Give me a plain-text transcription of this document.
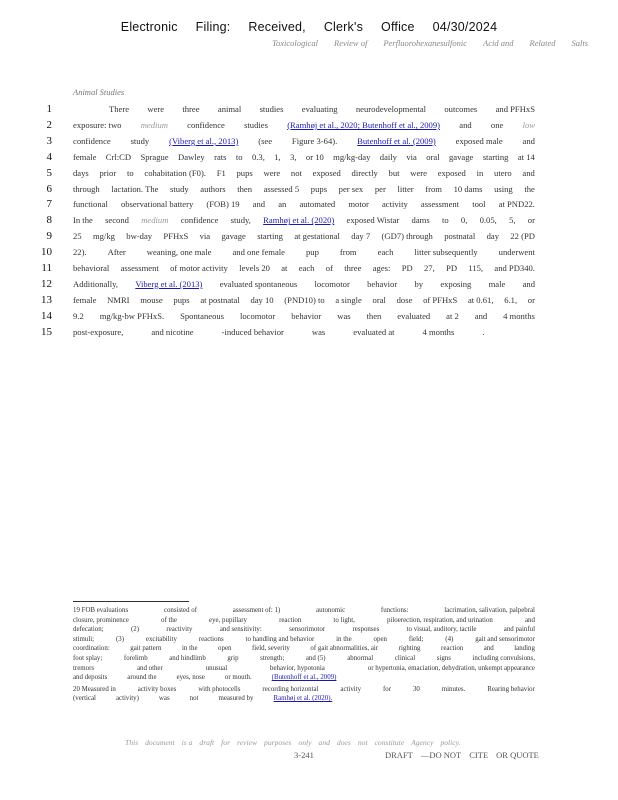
Electronic Filing: Received, Clerk's Office 04/30/2024
Toxicological Review of Perfluorohexanesulfonic Acid and Related Salts
Animal Studies
1	There were three animal studies evaluating neurodevelopmental outcomes and PFHxS
2 exposure: two medium confidence studies (Ramhøj et al., 2020; Butenhoff et al., 2009) and one low
3 confidence study (Viberg et al., 2013) (see Figure 3-64). Butenhoff et al. (2009) exposed male and
4 female Crl:CD Sprague Dawley rats to 0.3, 1, 3, or 10 mg/kg-day daily via oral gavage starting at 14
5 days prior to cohabitation (F0). F1 pups were not exposed directly but were exposed in utero and
6 through lactation. The study authors then assessed 5 pups per sex per litter from 10 dams using the
7 functional observational battery (FOB) 19 and an automated motor activity assessment tool at PND22.
8 In the second medium confidence study, Ramhøj et al. (2020) exposed Wistar dams to 0, 0.05, 5, or
9 25 mg/kg bw-day PFHxS via gavage starting at gestational day 7 (GD7) through postnatal day 22 (PD
10 22). After weaning, one male and one female pup from each litter subsequently underwent
11 behavioral assessment of motor activity levels 20 at each of three ages: PD 27, PD 115, and PD340.
12 Additionally, Viberg et al. (2013) evaluated spontaneous locomotor behavior by exposing male and
13 female NMRI mouse pups at postnatal day 10 (PND10) to a single oral dose of PFHxS at 0.61, 6.1, or
14 9.2 mg/kg-bw PFHxS. Spontaneous locomotor behavior was then evaluated at 2 and 4 months
15 post-exposure,	and nicotine	-induced behavior	was	evaluated at	4 months	.
19 FOB evaluations	consisted of	assessment of: 1)	autonomic	functions:	lacrimation, salivation, palpebral
closure, prominence	of the	eye, pupillary	reaction	to light,	piloerection, respiration, and urination	and
defecation;	(2)	reactivity	and sensitivity:	sensorimotor	responses	to visual, auditory, tactile	and painful
stimuli;	(3)	excitability	reactions	to handling and behavior	in the	open	field;	(4)	gait and sensorimotor
coordination:	gait pattern	in the	open	field, severity	of gait abnormalities, air	righting	reaction	and	landing
foot splay;	forelimb	and hindlimb	grip	strength;	and (5)	abnormal	clinical	signs	including convulsions,
tremors	and other	unusual	behavior, hypotonia	or hypertonia, emaciation, dehydration, unkempt appearance
and deposits	around the	eyes, nose	or mouth.	(Butenhoff et al., 2009)
20 Measured in	activity boxes	with photocells	recording horizontal	activity	for	30	minutes.	Rearing behavior
(vertical	activity)	was	not	measured by	Ramhøj et al. (2020).
This document is a draft for review purposes only and does not constitute Agency policy.
3-241	DRAFT —DO NOT CITE OR QUOTE
